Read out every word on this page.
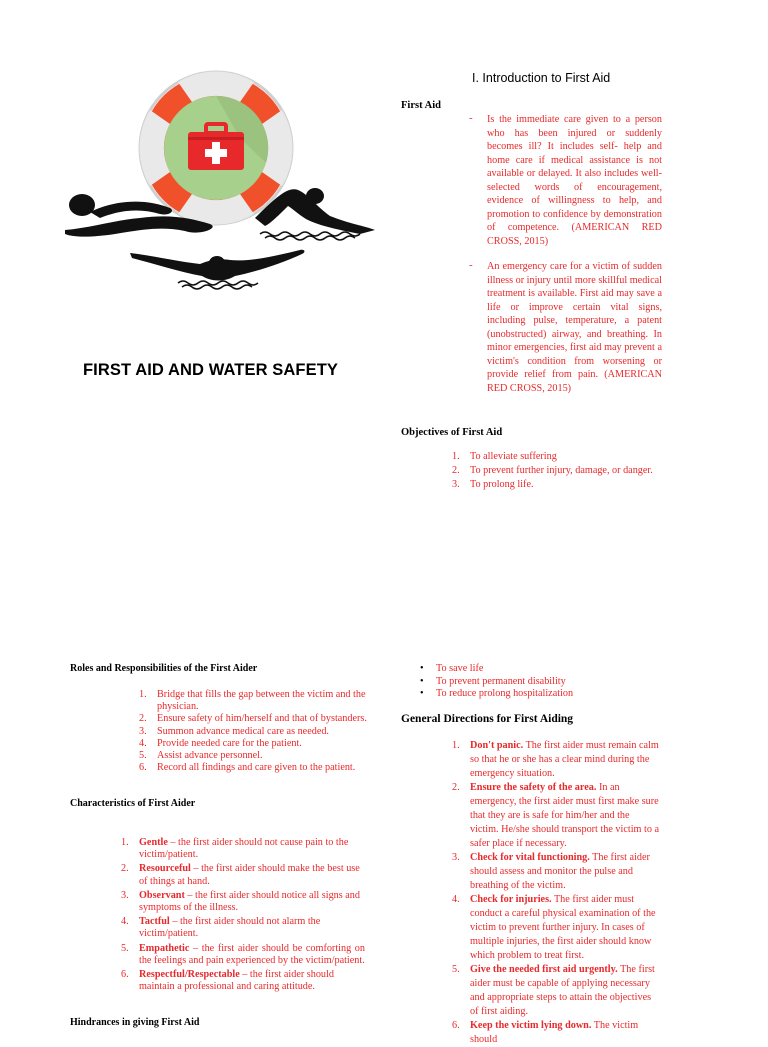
FIRST AID AND WATER SAFETY
I. Introduction to First Aid
First Aid
- Is the immediate care given to a person who has been injured or suddenly becomes ill? It includes self- help and home care if medical assistance is not available or delayed. It also includes well-selected words of encouragement, evidence of willingness to help, and promotion to confidence by demonstration of competence. (AMERICAN RED CROSS, 2015)
- An emergency care for a victim of sudden illness or injury until more skillful medical treatment is available. First aid may save a life or improve certain vital signs, including pulse, temperature, a patent (unobstructed) airway, and breathing. In minor emergencies, first aid may prevent a victim's condition from worsening or provide relief from pain. (AMERICAN RED CROSS, 2015)
Objectives of First Aid
1.	To alleviate suffering
2.	To prevent further injury, damage, or danger.
3.	To prolong life.
Roles and Responsibilities of the First Aider
1.	Bridge that fills the gap between the victim and the physician.
2.	Ensure safety of him/herself and that of bystanders.
3.	Summon advance medical care as needed.
4.	Provide needed care for the patient.
5.	Assist advance personnel.
6.	Record all findings and care given to the patient.
Characteristics of First Aider
1.	Gentle – the first aider should not cause pain to the victim/patient.
2.	Resourceful – the first aider should make the best use of things at hand.
3.	Observant – the first aider should notice all signs and symptoms of the illness.
4.	Tactful – the first aider should not alarm the victim/patient.
5.	Empathetic – the first aider should be comforting on the feelings and pain experienced by the victim/patient.
6.	Respectful/Respectable – the first aider should maintain a professional and caring attitude.
Hindrances in giving First Aid
•	To save life
•	To prevent permanent disability
•	To reduce prolong hospitalization
General Directions for First Aiding
1.	Don't panic. The first aider must remain calm so that he or she has a clear mind during the emergency situation.
2.	Ensure the safety of the area. In an emergency, the first aider must first make sure that they are is safe for him/her and the victim. He/she should transport the victim to a safer place if necessary.
3.	Check for vital functioning. The first aider should assess and monitor the pulse and breathing of the victim.
4.	Check for injuries. The first aider must conduct a careful physical examination of the victim to prevent further injury. In cases of multiple injuries, the first aider should know which problem to treat first.
5.	Give the needed first aid urgently. The first aider must be capable of applying necessary and appropriate steps to attain the objectives of first aiding.
6.	Keep the victim lying down. The victim should
